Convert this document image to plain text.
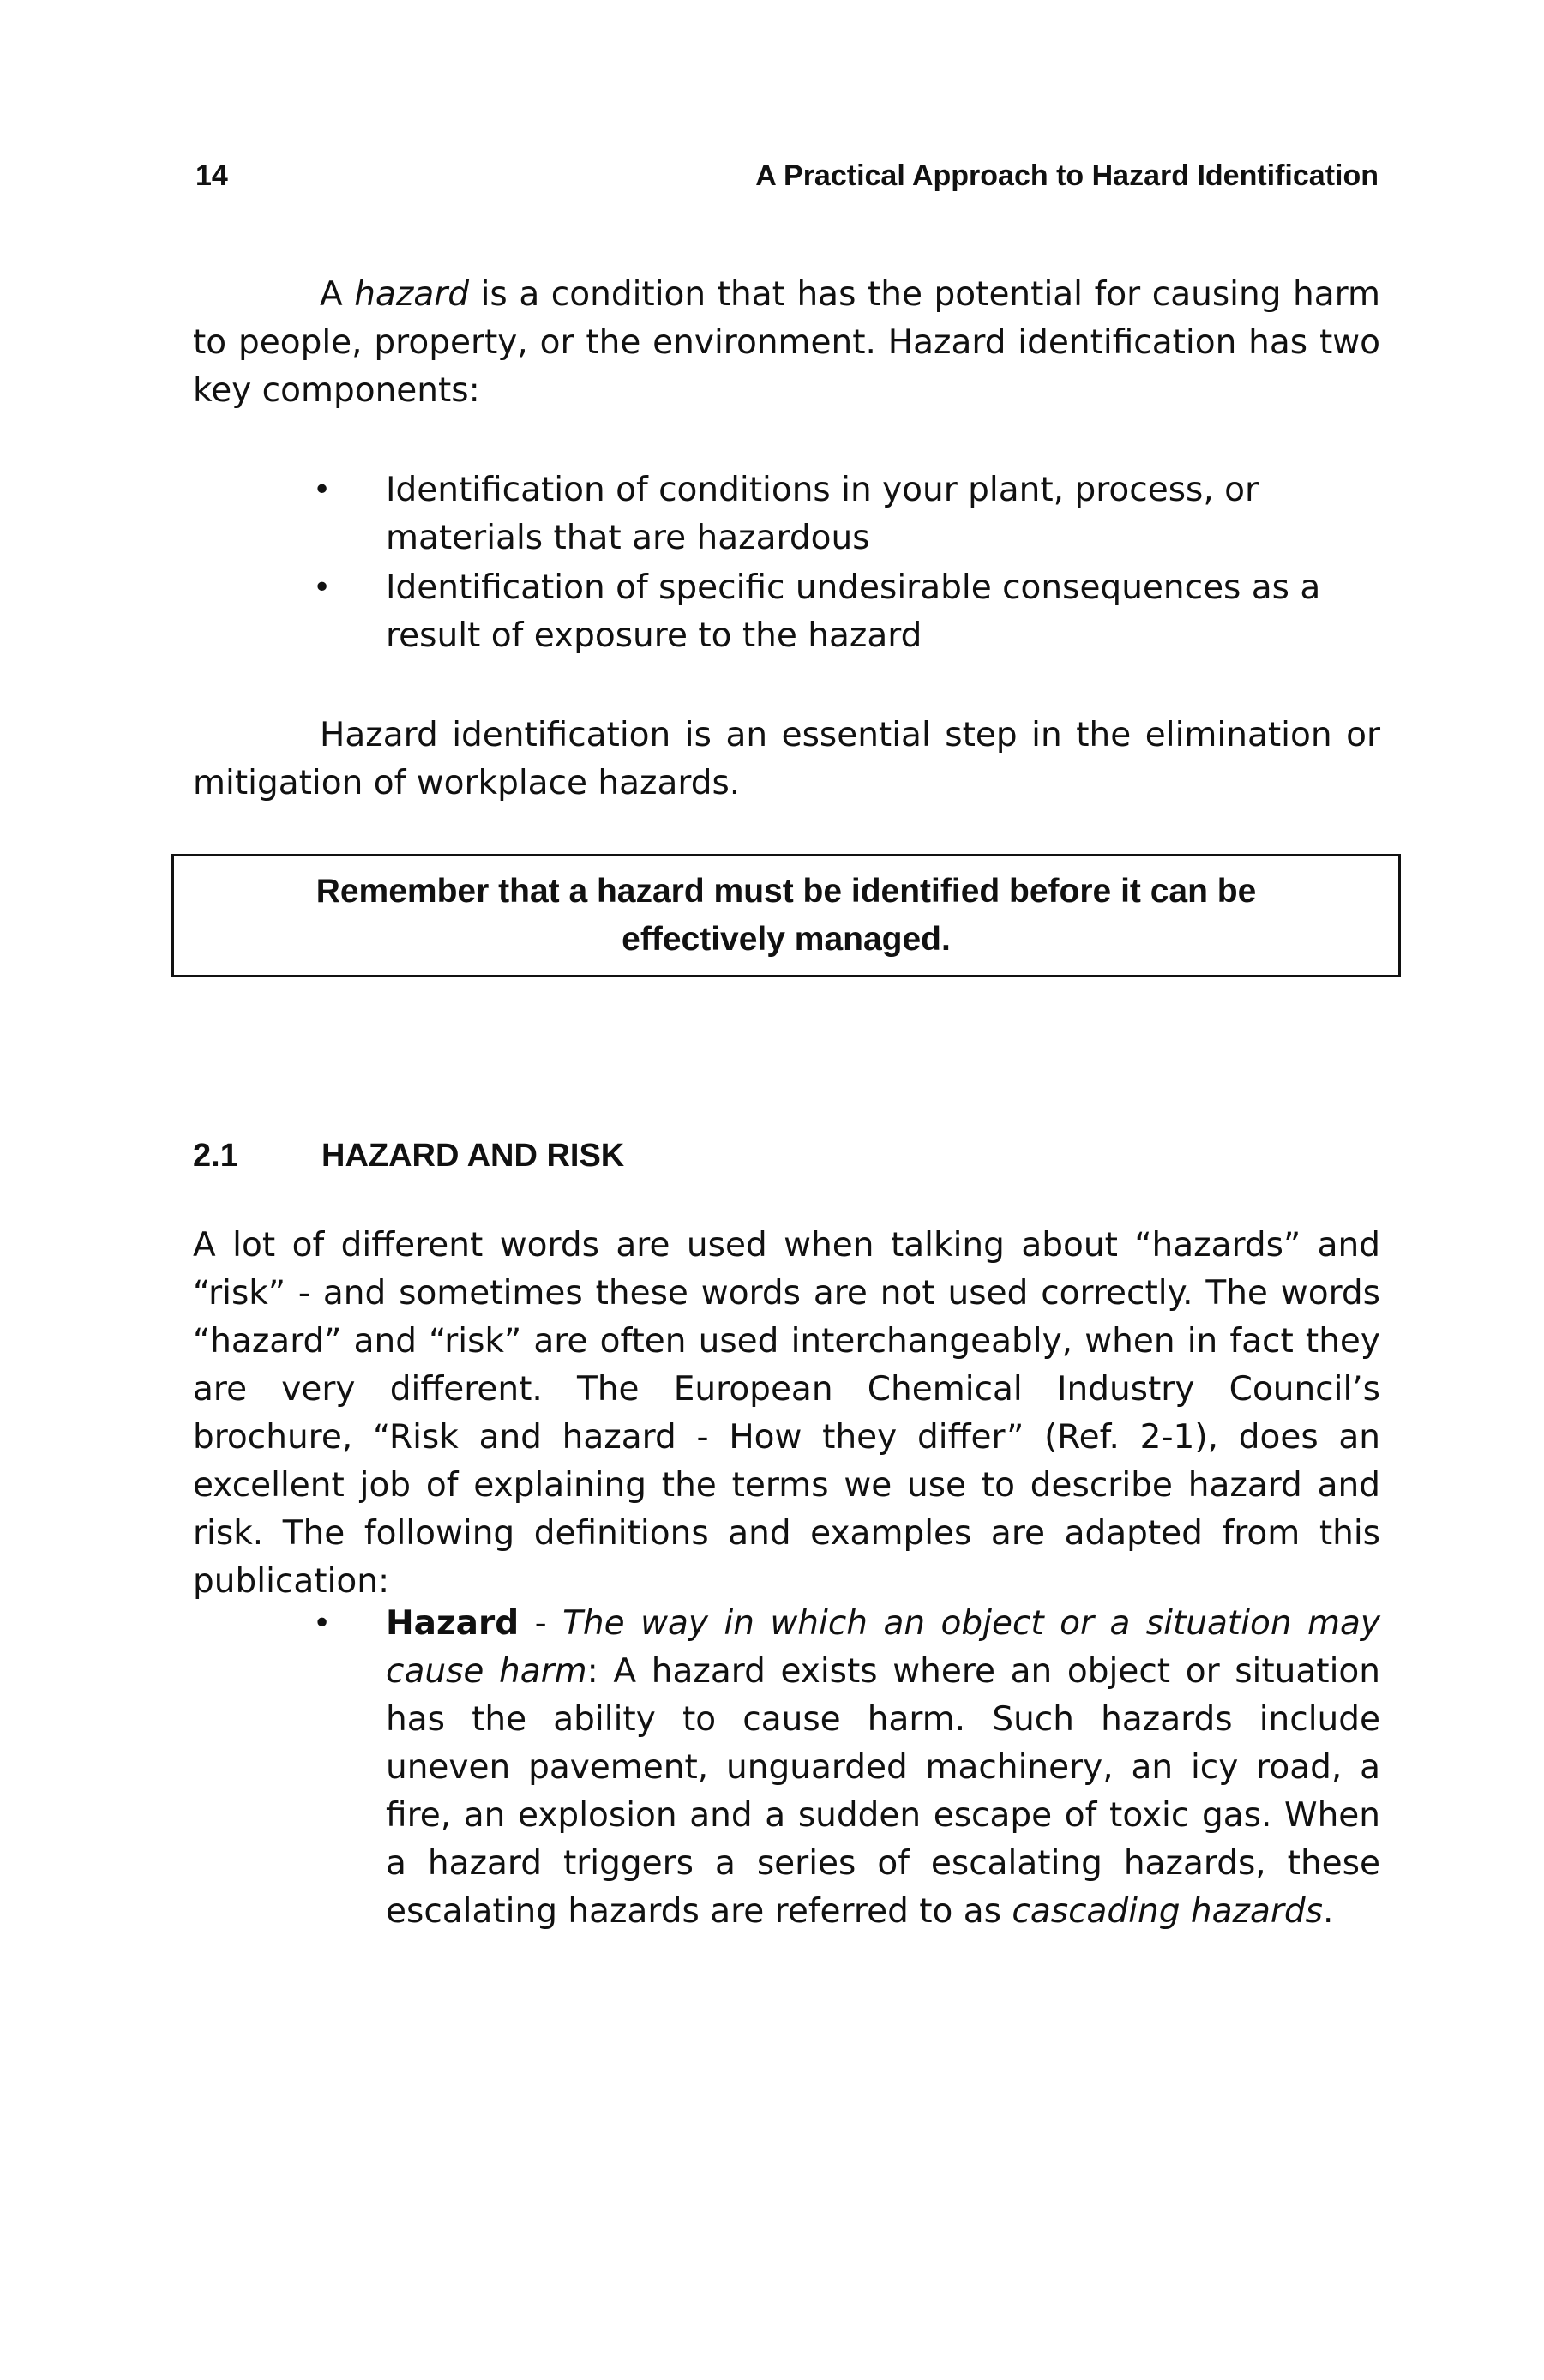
14	A Practical Approach to Hazard Identification

A hazard is a condition that has the potential for causing harm to people, property, or the environment. Hazard identification has two key components:

• Identification of conditions in your plant, process, or materials that are hazardous
• Identification of specific undesirable consequences as a result of exposure to the hazard

Hazard identification is an essential step in the elimination or mitigation of workplace hazards.

Remember that a hazard must be identified before it can be
effectively managed.
2.1	HAZARD AND RISK

A lot of different words are used when talking about “hazards” and “risk” - and sometimes these words are not used correctly. The words “hazard” and “risk” are often used interchangeably, when in fact they are very different. The European Chemical Industry Council’s brochure, “Risk and hazard - How they differ” (Ref. 2-1), does an excellent job of explaining the terms we use to describe hazard and risk. The following definitions and examples are adapted from this publication:

• Hazard - The way in which an object or a situation may cause harm: A hazard exists where an object or situation has the ability to cause harm. Such hazards include uneven pavement, unguarded machinery, an icy road, a fire, an explosion and a sudden escape of toxic gas. When a hazard triggers a series of escalating hazards, these escalating hazards are referred to as cascading hazards.
